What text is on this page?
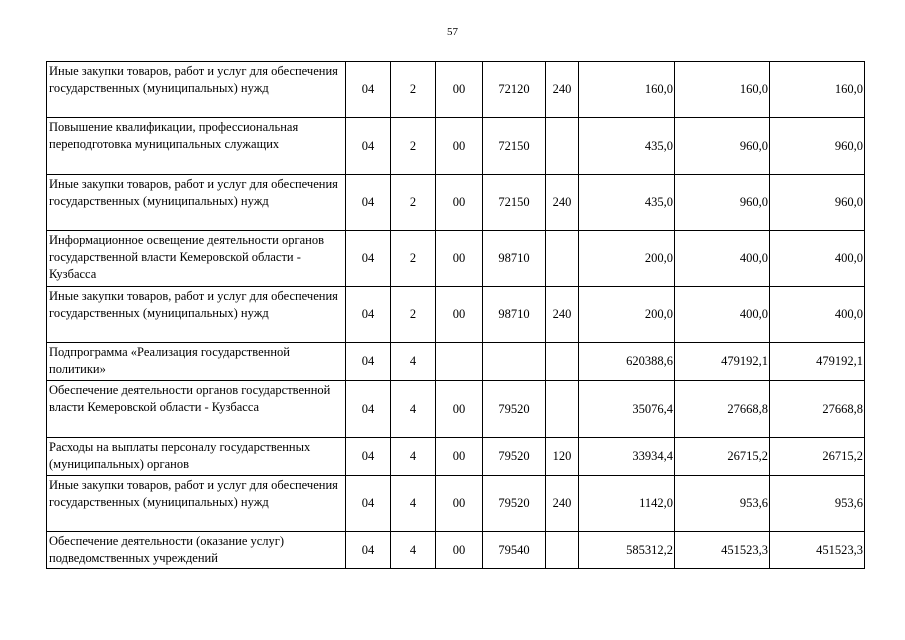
57
Иные закупки товаров, работ и услуг для обеспечения государственных (муниципальных) нужд	04	2	00	72120	240	160,0	160,0	160,0
Повышение квалификации, профессиональная переподготовка муниципальных служащих	04	2	00	72150		435,0	960,0	960,0
Иные закупки товаров, работ и услуг для обеспечения государственных (муниципальных) нужд	04	2	00	72150	240	435,0	960,0	960,0
Информационное освещение деятельности органов государственной власти Кемеровской области - Кузбасса	04	2	00	98710		200,0	400,0	400,0
Иные закупки товаров, работ и услуг для обеспечения государственных (муниципальных) нужд	04	2	00	98710	240	200,0	400,0	400,0
Подпрограмма «Реализация государственной политики»	04	4				620388,6	479192,1	479192,1
Обеспечение деятельности органов государственной власти Кемеровской области - Кузбасса	04	4	00	79520		35076,4	27668,8	27668,8
Расходы на выплаты персоналу государственных (муниципальных) органов	04	4	00	79520	120	33934,4	26715,2	26715,2
Иные закупки товаров, работ и услуг для обеспечения государственных (муниципальных) нужд	04	4	00	79520	240	1142,0	953,6	953,6
Обеспечение деятельности (оказание услуг) подведомственных учреждений	04	4	00	79540		585312,2	451523,3	451523,3
